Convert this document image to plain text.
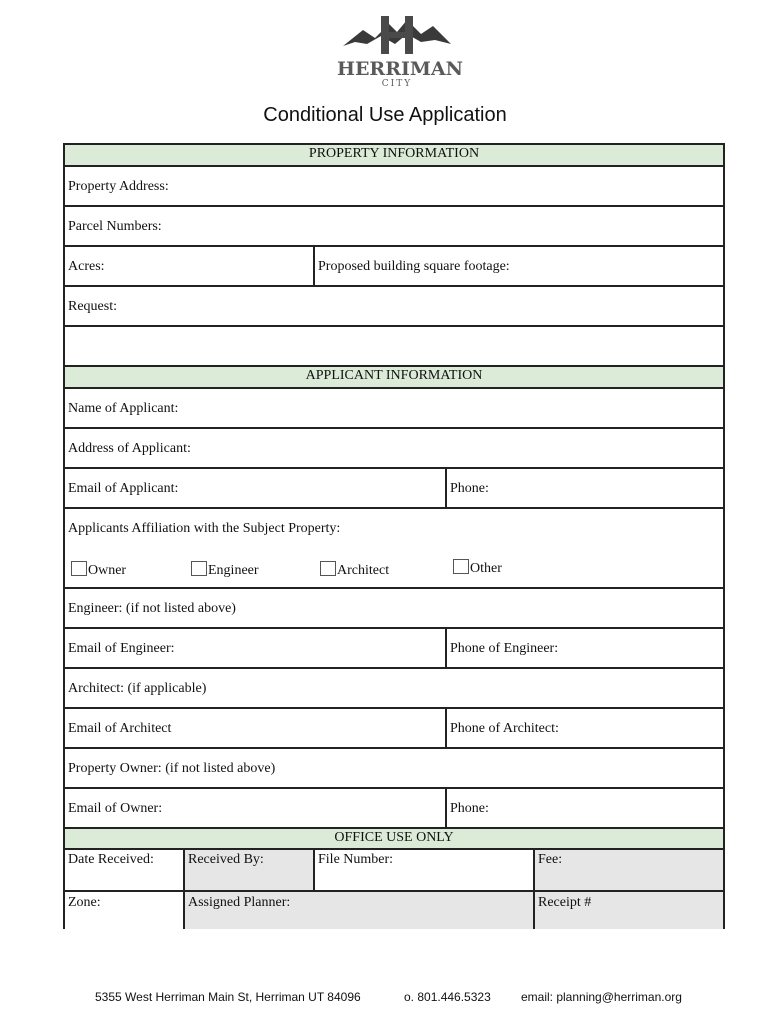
HERRIMAN
CITY
Conditional Use Application
PROPERTY INFORMATION
Property Address:
Parcel Numbers:
Acres:	Proposed building square footage:
Request:
APPLICANT INFORMATION
Name of Applicant:
Address of Applicant:
Email of Applicant:	Phone:
Applicants Affiliation with the Subject Property:
Owner	Engineer	Architect	Other
Engineer: (if not listed above)
Email of Engineer:	Phone of Engineer:
Architect: (if applicable)
Email of Architect	Phone of Architect:
Property Owner: (if not listed above)
Email of Owner:	Phone:
OFFICE USE ONLY
Date Received:	Received By:	File Number:	Fee:
Zone:	Assigned Planner:	Receipt #
5355 West Herriman Main St, Herriman UT 84096	o. 801.446.5323	email: planning@herriman.org
